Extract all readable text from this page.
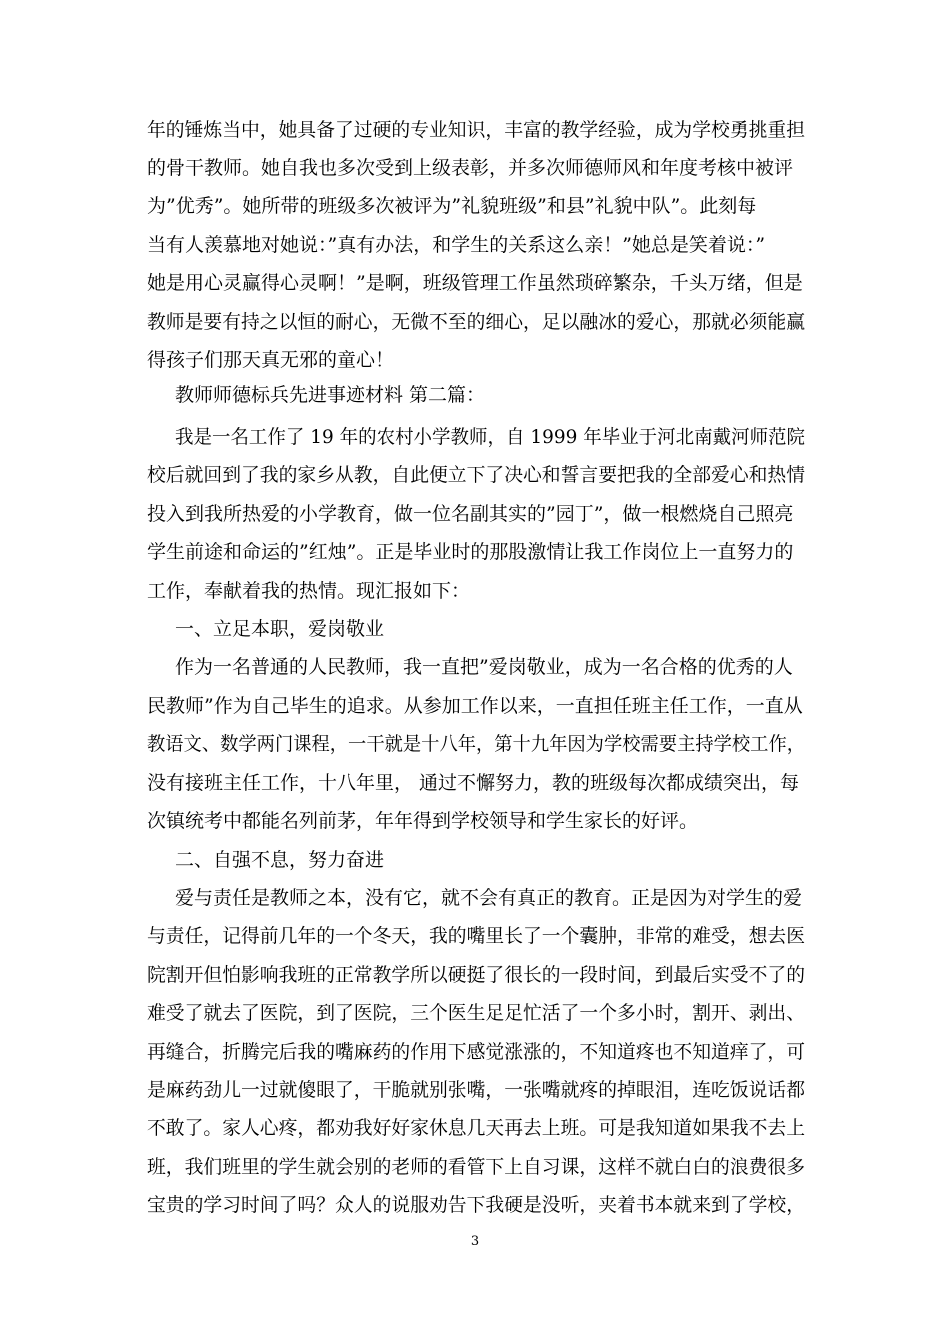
年的锤炼当中，她具备了过硬的专业知识，丰富的教学经验，成为学校勇挑重担
的骨干教师。她自我也多次受到上级表彰，并多次师德师风和年度考核中被评
为”优秀”。她所带的班级多次被评为”礼貌班级”和县”礼貌中队”。此刻每
当有人羡慕地对她说：”真有办法，和学生的关系这么亲！”她总是笑着说：”
她是用心灵赢得心灵啊！”是啊，班级管理工作虽然琐碎繁杂，千头万绪，但是
教师是要有持之以恒的耐心，无微不至的细心，足以融冰的爱心，那就必须能赢
得孩子们那天真无邪的童心！
教师师德标兵先进事迹材料 第二篇：
我是一名工作了 19 年的农村小学教师，自 1999 年毕业于河北南戴河师范院
校后就回到了我的家乡从教，自此便立下了决心和誓言要把我的全部爱心和热情
投入到我所热爱的小学教育，做一位名副其实的”园丁”，做一根燃烧自己照亮
学生前途和命运的”红烛”。正是毕业时的那股激情让我工作岗位上一直努力的
工作，奉献着我的热情。现汇报如下：
一、立足本职，爱岗敬业
作为一名普通的人民教师，我一直把”爱岗敬业，成为一名合格的优秀的人
民教师”作为自己毕生的追求。从参加工作以来，一直担任班主任工作，一直从
教语文、数学两门课程，一干就是十八年，第十九年因为学校需要主持学校工作，
没有接班主任工作，十八年里， 通过不懈努力，教的班级每次都成绩突出，每
次镇统考中都能名列前茅，年年得到学校领导和学生家长的好评。
二、自强不息，努力奋进
爱与责任是教师之本，没有它，就不会有真正的教育。正是因为对学生的爱
与责任，记得前几年的一个冬天，我的嘴里长了一个囊肿，非常的难受，想去医
院割开但怕影响我班的正常教学所以硬挺了很长的一段时间，到最后实受不了的
难受了就去了医院，到了医院，三个医生足足忙活了一个多小时，割开、剥出、
再缝合，折腾完后我的嘴麻药的作用下感觉涨涨的，不知道疼也不知道痒了，可
是麻药劲儿一过就傻眼了，干脆就别张嘴，一张嘴就疼的掉眼泪，连吃饭说话都
不敢了。家人心疼，都劝我好好家休息几天再去上班。可是我知道如果我不去上
班，我们班里的学生就会别的老师的看管下上自习课，这样不就白白的浪费很多
宝贵的学习时间了吗？众人的说服劝告下我硬是没听，夹着书本就来到了学校，
3
